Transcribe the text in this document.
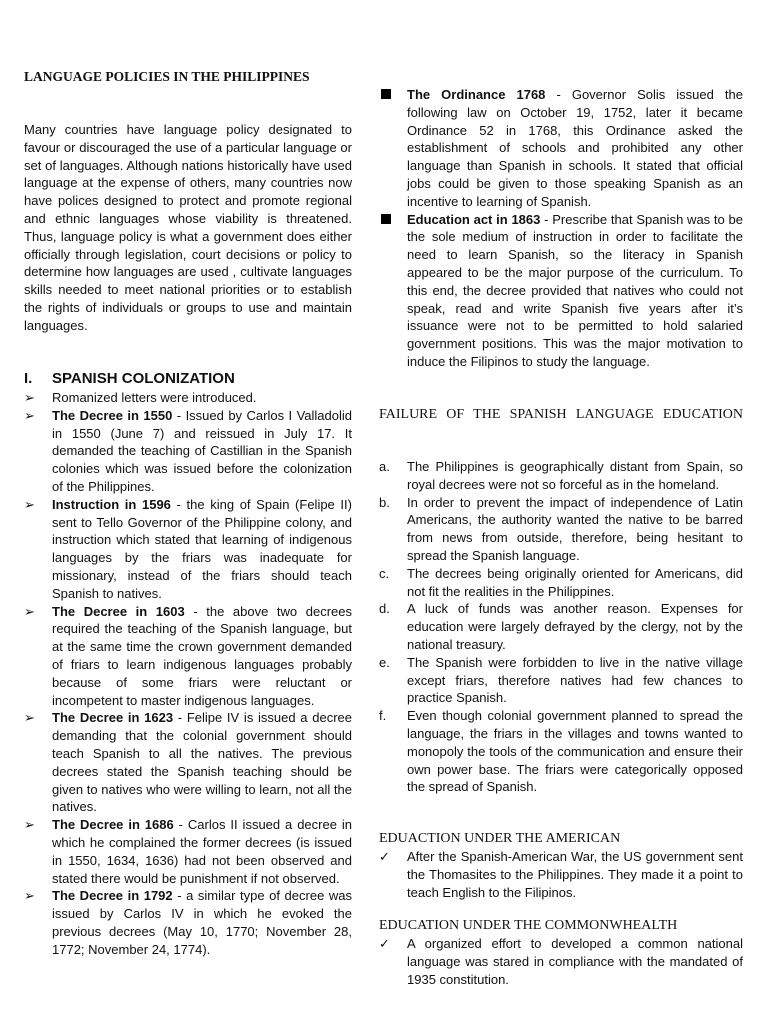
LANGUAGE POLICIES IN THE PHILIPPINES

Many countries have language policy designated to favour or discouraged the use of a particular language or set of languages. Although nations historically have used language at the expense of others, many countries now have polices designed to protect and promote regional and ethnic languages whose viability is threatened. Thus, language policy is what a government does either officially through legislation, court decisions or policy to determine how languages are used , cultivate languages skills needed to meet national priorities or to establish the rights of individuals or groups to use and maintain languages.

I. SPANISH COLONIZATION
➢	Romanized letters were introduced.
➢	The Decree in 1550 - Issued by Carlos I Valladolid in 1550 (June 7) and reissued in July 17. It demanded the teaching of Castillian in the Spanish colonies which was issued before the colonization of the Philippines.
➢	Instruction in 1596 - the king of Spain (Felipe II) sent to Tello Governor of the Philippine colony, and instruction which stated that learning of indigenous languages by the friars was inadequate for missionary, instead of the friars should teach Spanish to natives.
➢	The Decree in 1603 - the above two decrees required the teaching of the Spanish language, but at the same time the crown government demanded of friars to learn indigenous languages probably because of some friars were reluctant or incompetent to master indigenous languages.
➢	The Decree in 1623 - Felipe IV is issued a decree demanding that the colonial government should teach Spanish to all the natives. The previous decrees stated the Spanish teaching should be given to natives who were willing to learn, not all the natives.
➢	The Decree in 1686 - Carlos II issued a decree in which he complained the former decrees (is issued in 1550, 1634, 1636) had not been observed and stated there would be punishment if not observed.
➢	The Decree in 1792 - a similar type of decree was issued by Carlos IV in which he evoked the previous decrees (May 10, 1770; November 28, 1772; November 24, 1774).
The Ordinance 1768 - Governor Solis issued the following law on October 19, 1752, later it became Ordinance 52 in 1768, this Ordinance asked the establishment of schools and prohibited any other language than Spanish in schools. It stated that official jobs could be given to those speaking Spanish as an incentive to learning of Spanish.
Education act in 1863 - Prescribe that Spanish was to be the sole medium of instruction in order to facilitate the need to learn Spanish, so the literacy in Spanish appeared to be the major purpose of the curriculum. To this end, the decree provided that natives who could not speak, read and write Spanish five years after it’s issuance were not to be permitted to hold salaried government positions. This was the major motivation to induce the Filipinos to study the language.
FAILURE OF THE SPANISH LANGUAGE EDUCATION
a.	The Philippines is geographically distant from Spain, so royal decrees were not so forceful as in the homeland.
b.	In order to prevent the impact of independence of Latin Americans, the authority wanted the native to be barred from news from outside, therefore, being hesitant to spread the Spanish language.
c.	The decrees being originally oriented for Americans, did not fit the realities in the Philippines.
d.	A luck of funds was another reason. Expenses for education were largely defrayed by the clergy, not by the national treasury.
e.	The Spanish were forbidden to live in the native village except friars, therefore natives had few chances to practice Spanish.
f.	Even though colonial government planned to spread the language, the friars in the villages and towns wanted to monopoly the tools of the communication and ensure their own power base. The friars were categorically opposed the spread of Spanish.
EDUACTION UNDER THE AMERICAN
✓	After the Spanish-American War, the US government sent the Thomasites to the Philippines. They made it a point to teach English to the Filipinos.
EDUCATION UNDER THE COMMONWHEALTH
✓	A organized effort to developed a common national language was stared in compliance with the mandated of 1935 constitution.
